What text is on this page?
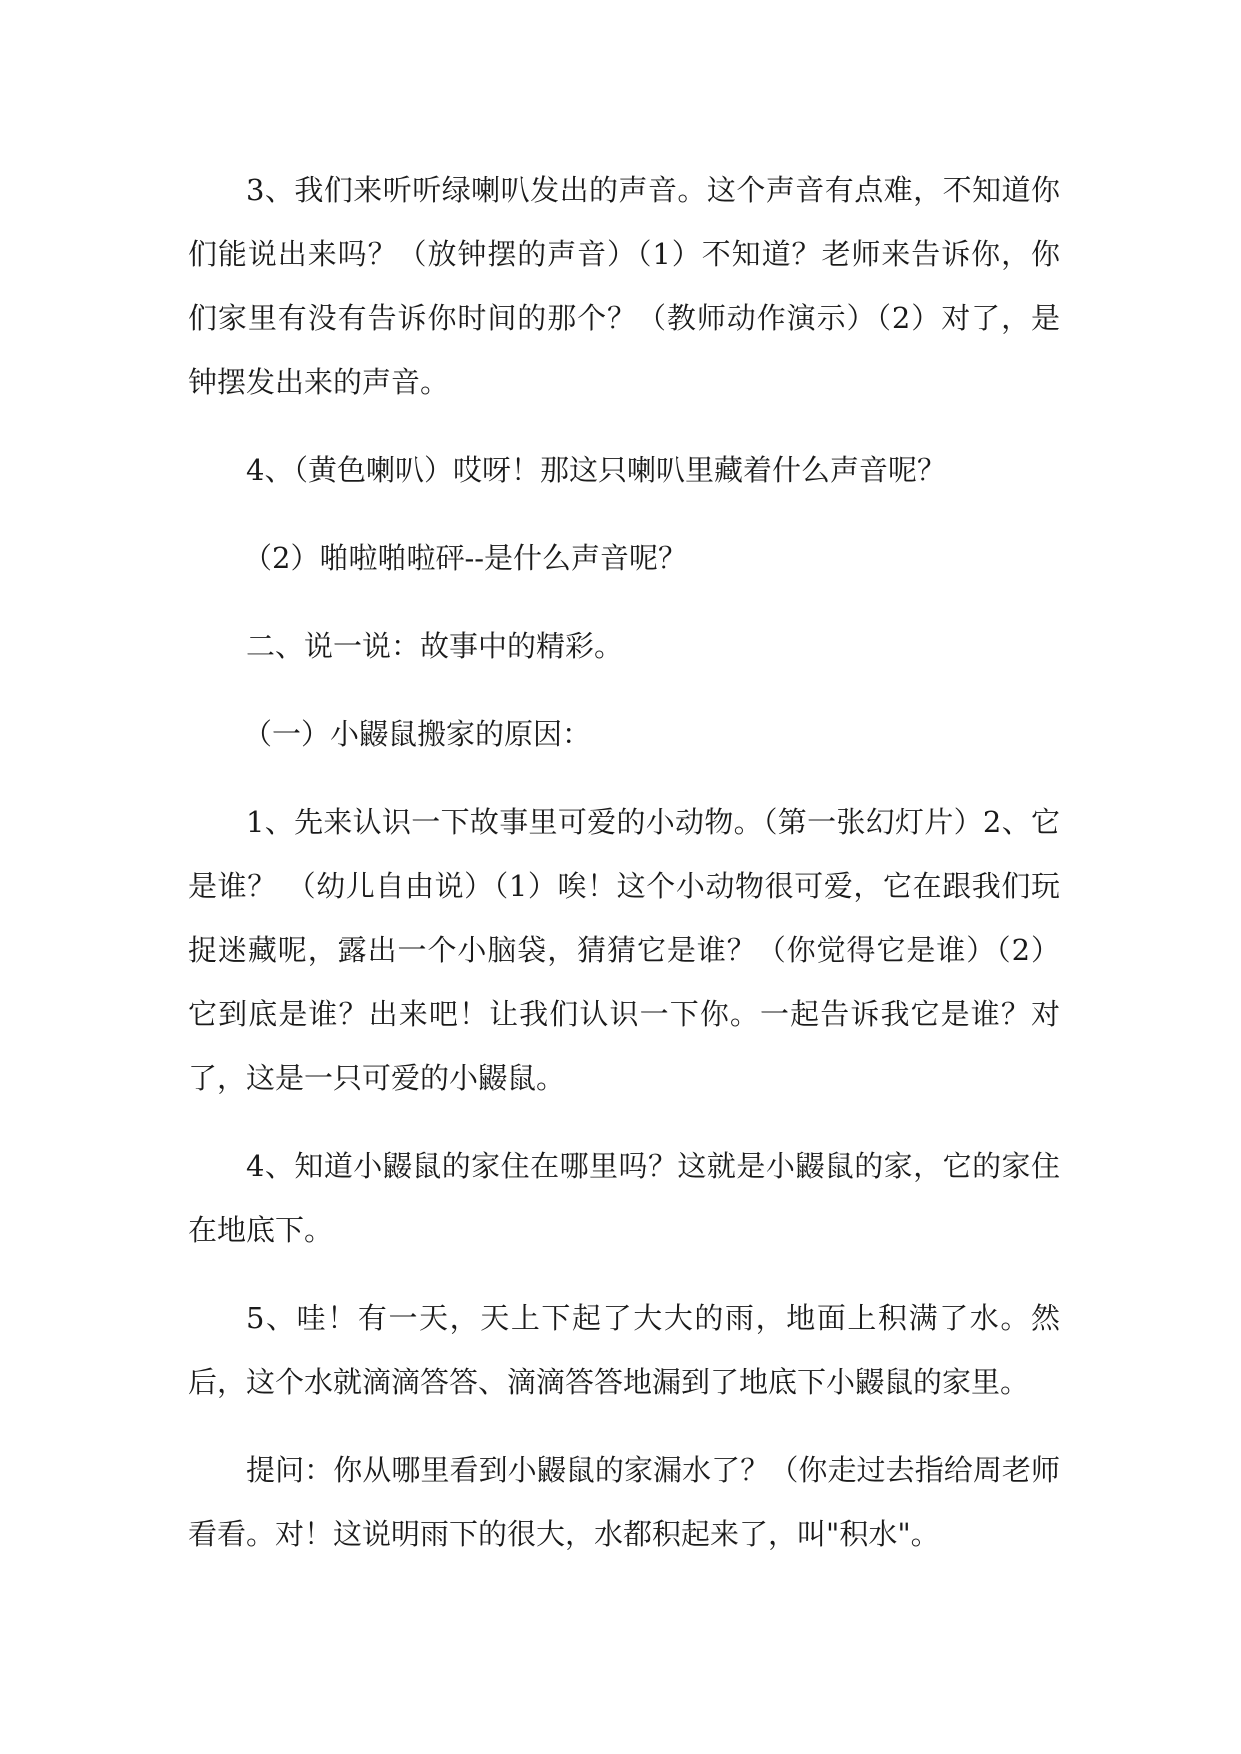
3、我们来听听绿喇叭发出的声音。这个声音有点难，不知道你们能说出来吗？（放钟摆的声音）（1）不知道？老师来告诉你，你们家里有没有告诉你时间的那个？（教师动作演示）（2）对了，是钟摆发出来的声音。

4、（黄色喇叭）哎呀！那这只喇叭里藏着什么声音呢？

（2）啪啦啪啦砰--是什么声音呢？

二、说一说：故事中的精彩。

（一）小鼹鼠搬家的原因：

1、先来认识一下故事里可爱的小动物。（第一张幻灯片）2、它是谁？ （幼儿自由说）（1）唉！这个小动物很可爱，它在跟我们玩捉迷藏呢，露出一个小脑袋，猜猜它是谁？（你觉得它是谁）（2）它到底是谁？出来吧！让我们认识一下你。一起告诉我它是谁？对了，这是一只可爱的小鼹鼠。

4、知道小鼹鼠的家住在哪里吗？这就是小鼹鼠的家，它的家住在地底下。

5、哇！有一天，天上下起了大大的雨，地面上积满了水。然后，这个水就滴滴答答、滴滴答答地漏到了地底下小鼹鼠的家里。

提问：你从哪里看到小鼹鼠的家漏水了？（你走过去指给周老师看看。对！这说明雨下的很大，水都积起来了，叫"积水"。
